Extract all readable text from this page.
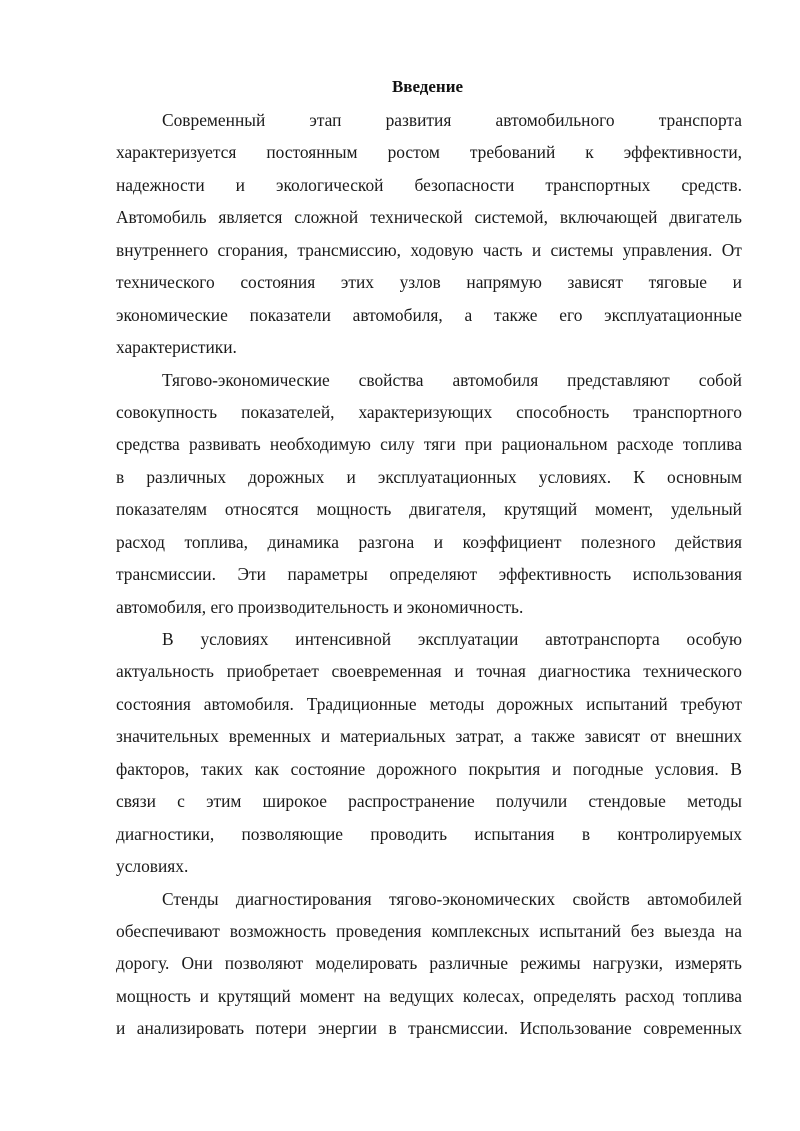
Введение
Современный	этап	развития	автомобильного	транспорта
характеризуется постоянным ростом требований к эффективности,
надежности и экологической безопасности транспортных средств.
Автомобиль является сложной технической системой, включающей двигатель
внутреннего сгорания, трансмиссию, ходовую часть и системы управления. От
технического состояния этих узлов напрямую зависят тяговые и
экономические показатели автомобиля, а также его эксплуатационные
характеристики.
Тягово-экономические свойства автомобиля представляют собой
совокупность показателей, характеризующих способность транспортного
средства развивать необходимую силу тяги при рациональном расходе топлива
в различных дорожных и эксплуатационных условиях. К основным
показателям относятся мощность двигателя, крутящий момент, удельный
расход топлива, динамика разгона и коэффициент полезного действия
трансмиссии. Эти параметры определяют эффективность использования
автомобиля, его производительность и экономичность.
В условиях интенсивной эксплуатации автотранспорта особую
актуальность приобретает своевременная и точная диагностика технического
состояния автомобиля. Традиционные методы дорожных испытаний требуют
значительных временных и материальных затрат, а также зависят от внешних
факторов, таких как состояние дорожного покрытия и погодные условия. В
связи с этим широкое распространение получили стендовые методы
диагностики, позволяющие проводить испытания в контролируемых
условиях.
Стенды диагностирования тягово-экономических свойств автомобилей
обеспечивают возможность проведения комплексных испытаний без выезда на
дорогу. Они позволяют моделировать различные режимы нагрузки, измерять
мощность и крутящий момент на ведущих колесах, определять расход топлива
и анализировать потери энергии в трансмиссии. Использование современных
